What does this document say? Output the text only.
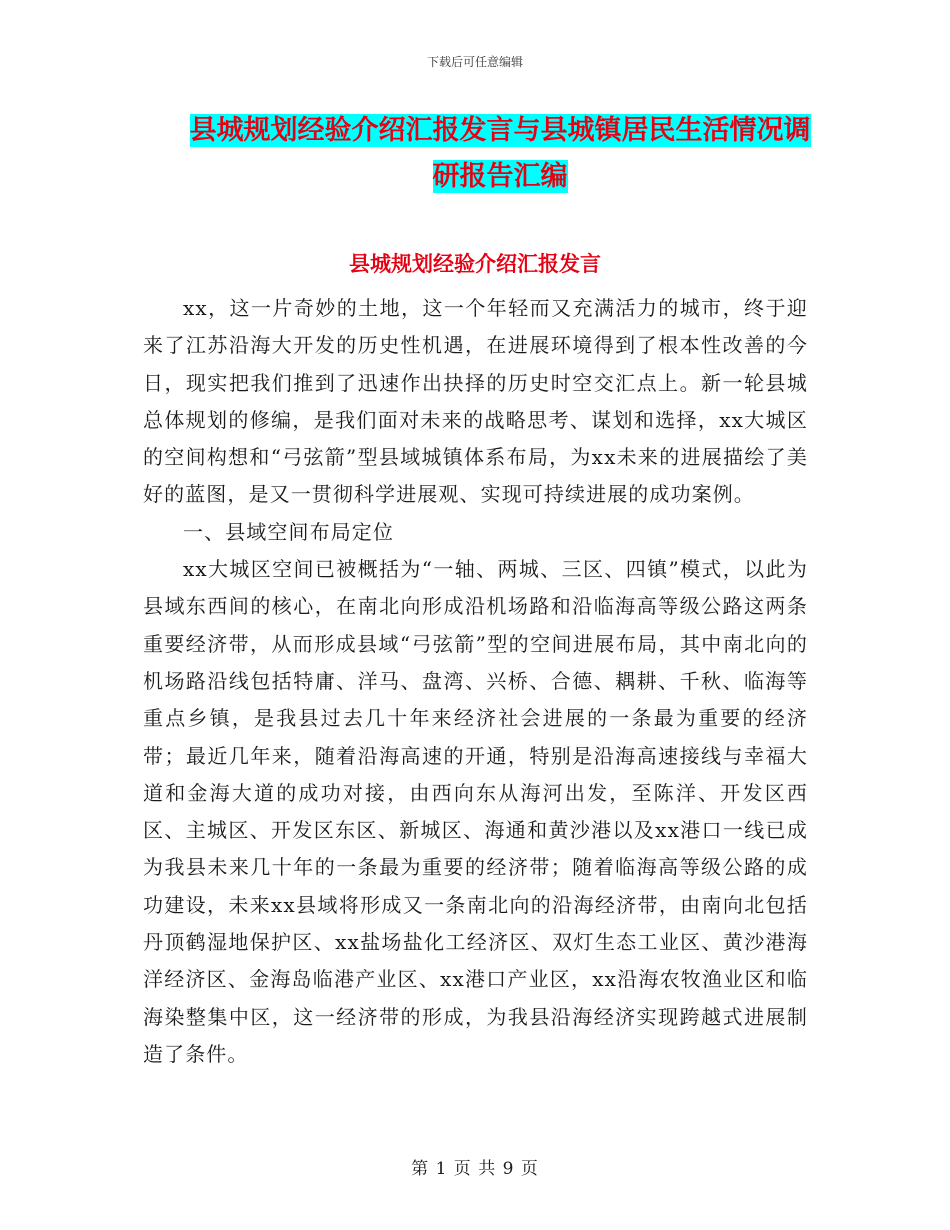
下载后可任意编辑
县城规划经验介绍汇报发言与县城镇居民生活情况调
研报告汇编
县城规划经验介绍汇报发言

xx，这一片奇妙的土地，这一个年轻而又充满活力的城市，终于迎来了江苏沿海大开发的历史性机遇，在进展环境得到了根本性改善的今日，现实把我们推到了迅速作出抉择的历史时空交汇点上。新一轮县城总体规划的修编，是我们面对未来的战略思考、谋划和选择，xx大城区的空间构想和“弓弦箭”型县域城镇体系布局，为xx未来的进展描绘了美好的蓝图，是又一贯彻科学进展观、实现可持续进展的成功案例。

一、县域空间布局定位

xx大城区空间已被概括为“一轴、两城、三区、四镇”模式，以此为县域东西间的核心，在南北向形成沿机场路和沿临海高等级公路这两条重要经济带，从而形成县域“弓弦箭”型的空间进展布局，其中南北向的机场路沿线包括特庸、洋马、盘湾、兴桥、合德、耦耕、千秋、临海等重点乡镇，是我县过去几十年来经济社会进展的一条最为重要的经济带；最近几年来，随着沿海高速的开通，特别是沿海高速接线与幸福大道和金海大道的成功对接，由西向东从海河出发，至陈洋、开发区西区、主城区、开发区东区、新城区、海通和黄沙港以及xx港口一线已成为我县未来几十年的一条最为重要的经济带；随着临海高等级公路的成功建设，未来xx县域将形成又一条南北向的沿海经济带，由南向北包括丹顶鹤湿地保护区、xx盐场盐化工经济区、双灯生态工业区、黄沙港海洋经济区、金海岛临港产业区、xx港口产业区，xx沿海农牧渔业区和临海染整集中区，这一经济带的形成，为我县沿海经济实现跨越式进展制造了条件。

第 1 页 共 9 页
